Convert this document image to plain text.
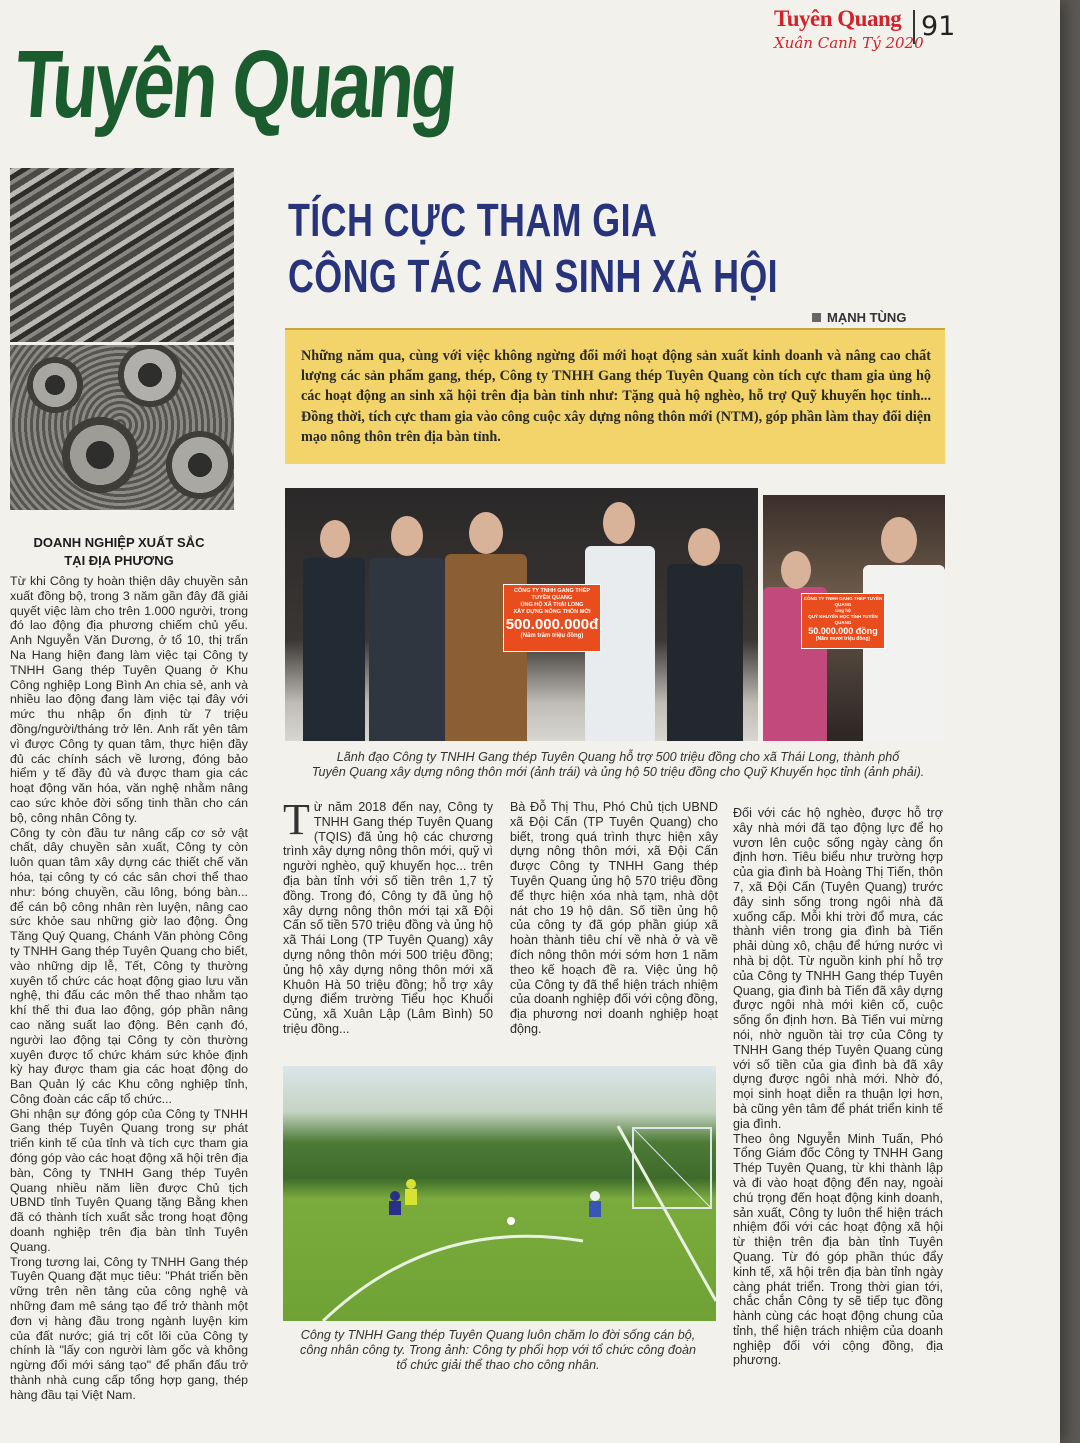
Tuyên Quang
Xuân Canh Tý 2020
91
Tuyên Quang
DOANH NGHIỆP XUẤT SẮC
TẠI ĐỊA PHƯƠNG
Từ khi Công ty hoàn thiện dây chuyền sản xuất đồng bộ, trong 3 năm gần đây đã giải quyết việc làm cho trên 1.000 người, trong đó lao động địa phương chiếm chủ yếu. Anh Nguyễn Văn Dương, ở tổ 10, thị trấn Na Hang hiện đang làm việc tại Công ty TNHH Gang thép Tuyên Quang ở Khu Công nghiệp Long Bình An chia sẻ, anh và nhiều lao động đang làm việc tại đây với mức thu nhập ổn định từ 7 triệu đồng/người/tháng trở lên. Anh rất yên tâm vì được Công ty quan tâm, thực hiện đầy đủ các chính sách về lương, đóng bảo hiểm y tế đầy đủ và được tham gia các hoạt động văn hóa, văn nghệ nhằm nâng cao sức khỏe đời sống tinh thần cho cán bộ, công nhân Công ty.
Công ty còn đầu tư nâng cấp cơ sở vật chất, dây chuyền sản xuất, Công ty còn luôn quan tâm xây dựng các thiết chế văn hóa, tại công ty có các sân chơi thể thao như: bóng chuyền, cầu lông, bóng bàn... để cán bộ công nhân rèn luyện, nâng cao sức khỏe sau những giờ lao động. Ông Tăng Quý Quang, Chánh Văn phòng Công ty TNHH Gang thép Tuyên Quang cho biết, vào những dịp lễ, Tết, Công ty thường xuyên tổ chức các hoạt động giao lưu văn nghệ, thi đấu các môn thể thao nhằm tạo khí thế thi đua lao động, góp phần nâng cao năng suất lao động. Bên cạnh đó, người lao động tại Công ty còn thường xuyên được tổ chức khám sức khỏe định kỳ hay được tham gia các hoạt động do Ban Quản lý các Khu công nghiệp tỉnh, Công đoàn các cấp tổ chức...
Ghi nhận sự đóng góp của Công ty TNHH Gang thép Tuyên Quang trong sự phát triển kinh tế của tỉnh và tích cực tham gia đóng góp vào các hoạt động xã hội trên địa bàn, Công ty TNHH Gang thép Tuyên Quang nhiều năm liền được Chủ tịch UBND tỉnh Tuyên Quang tặng Bằng khen đã có thành tích xuất sắc trong hoạt động doanh nghiệp trên địa bàn tỉnh Tuyên Quang.
Trong tương lai, Công ty TNHH Gang thép Tuyên Quang đặt mục tiêu: "Phát triển bền vững trên nền tảng của công nghệ và những đam mê sáng tạo để trở thành một đơn vị hàng đầu trong ngành luyện kim của đất nước; giá trị cốt lõi của Công ty chính là "lấy con người làm gốc và không ngừng đổi mới sáng tạo" để phấn đấu trở thành nhà cung cấp tổng hợp gang, thép hàng đầu tại Việt Nam.
TÍCH CỰC THAM GIA
CÔNG TÁC AN SINH XÃ HỘI
MẠNH TÙNG
Những năm qua, cùng với việc không ngừng đổi mới hoạt động sản xuất kinh doanh và nâng cao chất lượng các sản phẩm gang, thép, Công ty TNHH Gang thép Tuyên Quang còn tích cực tham gia ủng hộ các hoạt động an sinh xã hội trên địa bàn tỉnh như: Tặng quà hộ nghèo, hỗ trợ Quỹ khuyến học tỉnh... Đồng thời, tích cực tham gia vào công cuộc xây dựng nông thôn mới (NTM), góp phần làm thay đổi diện mạo nông thôn trên địa bàn tỉnh.
CÔNG TY TNHH GANG THÉP TUYÊN QUANG
ỦNG HỘ XÃ THÁI LONG
XÂY DỰNG NÔNG THÔN MỚI
500.000.000đ
(Năm trăm triệu đồng)
CÔNG TY TNHH GANG THÉP TUYÊN QUANG
Ủng hộ
QUỸ KHUYẾN HỌC TỈNH TUYÊN QUANG
50.000.000 đồng
(Năm mươi triệu đồng)
Lãnh đạo Công ty TNHH Gang thép Tuyên Quang hỗ trợ 500 triệu đồng cho xã Thái Long, thành phố
Tuyên Quang xây dựng nông thôn mới (ảnh trái) và ủng hộ 50 triệu đồng cho Quỹ Khuyến học tỉnh (ảnh phải).
Từ năm 2018 đến nay, Công ty TNHH Gang thép Tuyên Quang (TQIS) đã ủng hộ các chương trình xây dựng nông thôn mới, quỹ vì người nghèo, quỹ khuyến học... trên địa bàn tỉnh với số tiền trên 1,7 tỷ đồng. Trong đó, Công ty đã ủng hộ xây dựng nông thôn mới tại xã Đội Cấn số tiền 570 triệu đồng và ủng hộ xã Thái Long (TP Tuyên Quang) xây dựng nông thôn mới 500 triệu đồng; ủng hộ xây dựng nông thôn mới xã Khuôn Hà 50 triệu đồng; hỗ trợ xây dựng điểm trường Tiểu học Khuổi Củng, xã Xuân Lập (Lâm Bình) 50 triệu đồng...
Bà Đỗ Thị Thu, Phó Chủ tịch UBND xã Đội Cấn (TP Tuyên Quang) cho biết, trong quá trình thực hiện xây dựng nông thôn mới, xã Đội Cấn được Công ty TNHH Gang thép Tuyên Quang ủng hộ 570 triệu đồng để thực hiện xóa nhà tạm, nhà dột nát cho 19 hộ dân. Số tiền ủng hộ của công ty đã góp phần giúp xã hoàn thành tiêu chí về nhà ở và về đích nông thôn mới sớm hơn 1 năm theo kế hoạch đề ra. Việc ủng hộ của Công ty đã thể hiện trách nhiệm của doanh nghiệp đối với cộng đồng, địa phương nơi doanh nghiệp hoạt động.
Đối với các hộ nghèo, được hỗ trợ xây nhà mới đã tạo động lực để họ vươn lên cuộc sống ngày càng ổn định hơn. Tiêu biểu như trường hợp của gia đình bà Hoàng Thị Tiến, thôn 7, xã Đội Cấn (Tuyên Quang) trước đây sinh sống trong ngôi nhà đã xuống cấp. Mỗi khi trời đổ mưa, các thành viên trong gia đình bà Tiến phải dùng xô, chậu để hứng nước vì nhà bị dột. Từ nguồn kinh phí hỗ trợ của Công ty TNHH Gang thép Tuyên Quang, gia đình bà Tiến đã xây dựng được ngôi nhà mới kiên cố, cuộc sống ổn định hơn. Bà Tiến vui mừng nói, nhờ nguồn tài trợ của Công ty TNHH Gang thép Tuyên Quang cùng với số tiền của gia đình bà đã xây dựng được ngôi nhà mới. Nhờ đó, mọi sinh hoạt diễn ra thuận lợi hơn, bà cũng yên tâm để phát triển kinh tế gia đình.
Theo ông Nguyễn Minh Tuấn, Phó Tổng Giám đốc Công ty TNHH Gang Thép Tuyên Quang, từ khi thành lập và đi vào hoạt động đến nay, ngoài chú trọng đến hoạt động kinh doanh, sản xuất, Công ty luôn thể hiện trách nhiệm đối với các hoạt động xã hội từ thiện trên địa bàn tỉnh Tuyên Quang. Từ đó góp phần thúc đẩy kinh tế, xã hội trên địa bàn tỉnh ngày càng phát triển. Trong thời gian tới, chắc chắn Công ty sẽ tiếp tục đồng hành cùng các hoạt động chung của tỉnh, thể hiện trách nhiệm của doanh nghiệp đối với cộng đồng, địa phương.
Công ty TNHH Gang thép Tuyên Quang luôn chăm lo đời sống cán bộ,
công nhân công ty. Trong ảnh: Công ty phối hợp với tổ chức công đoàn
tổ chức giải thể thao cho công nhân.
